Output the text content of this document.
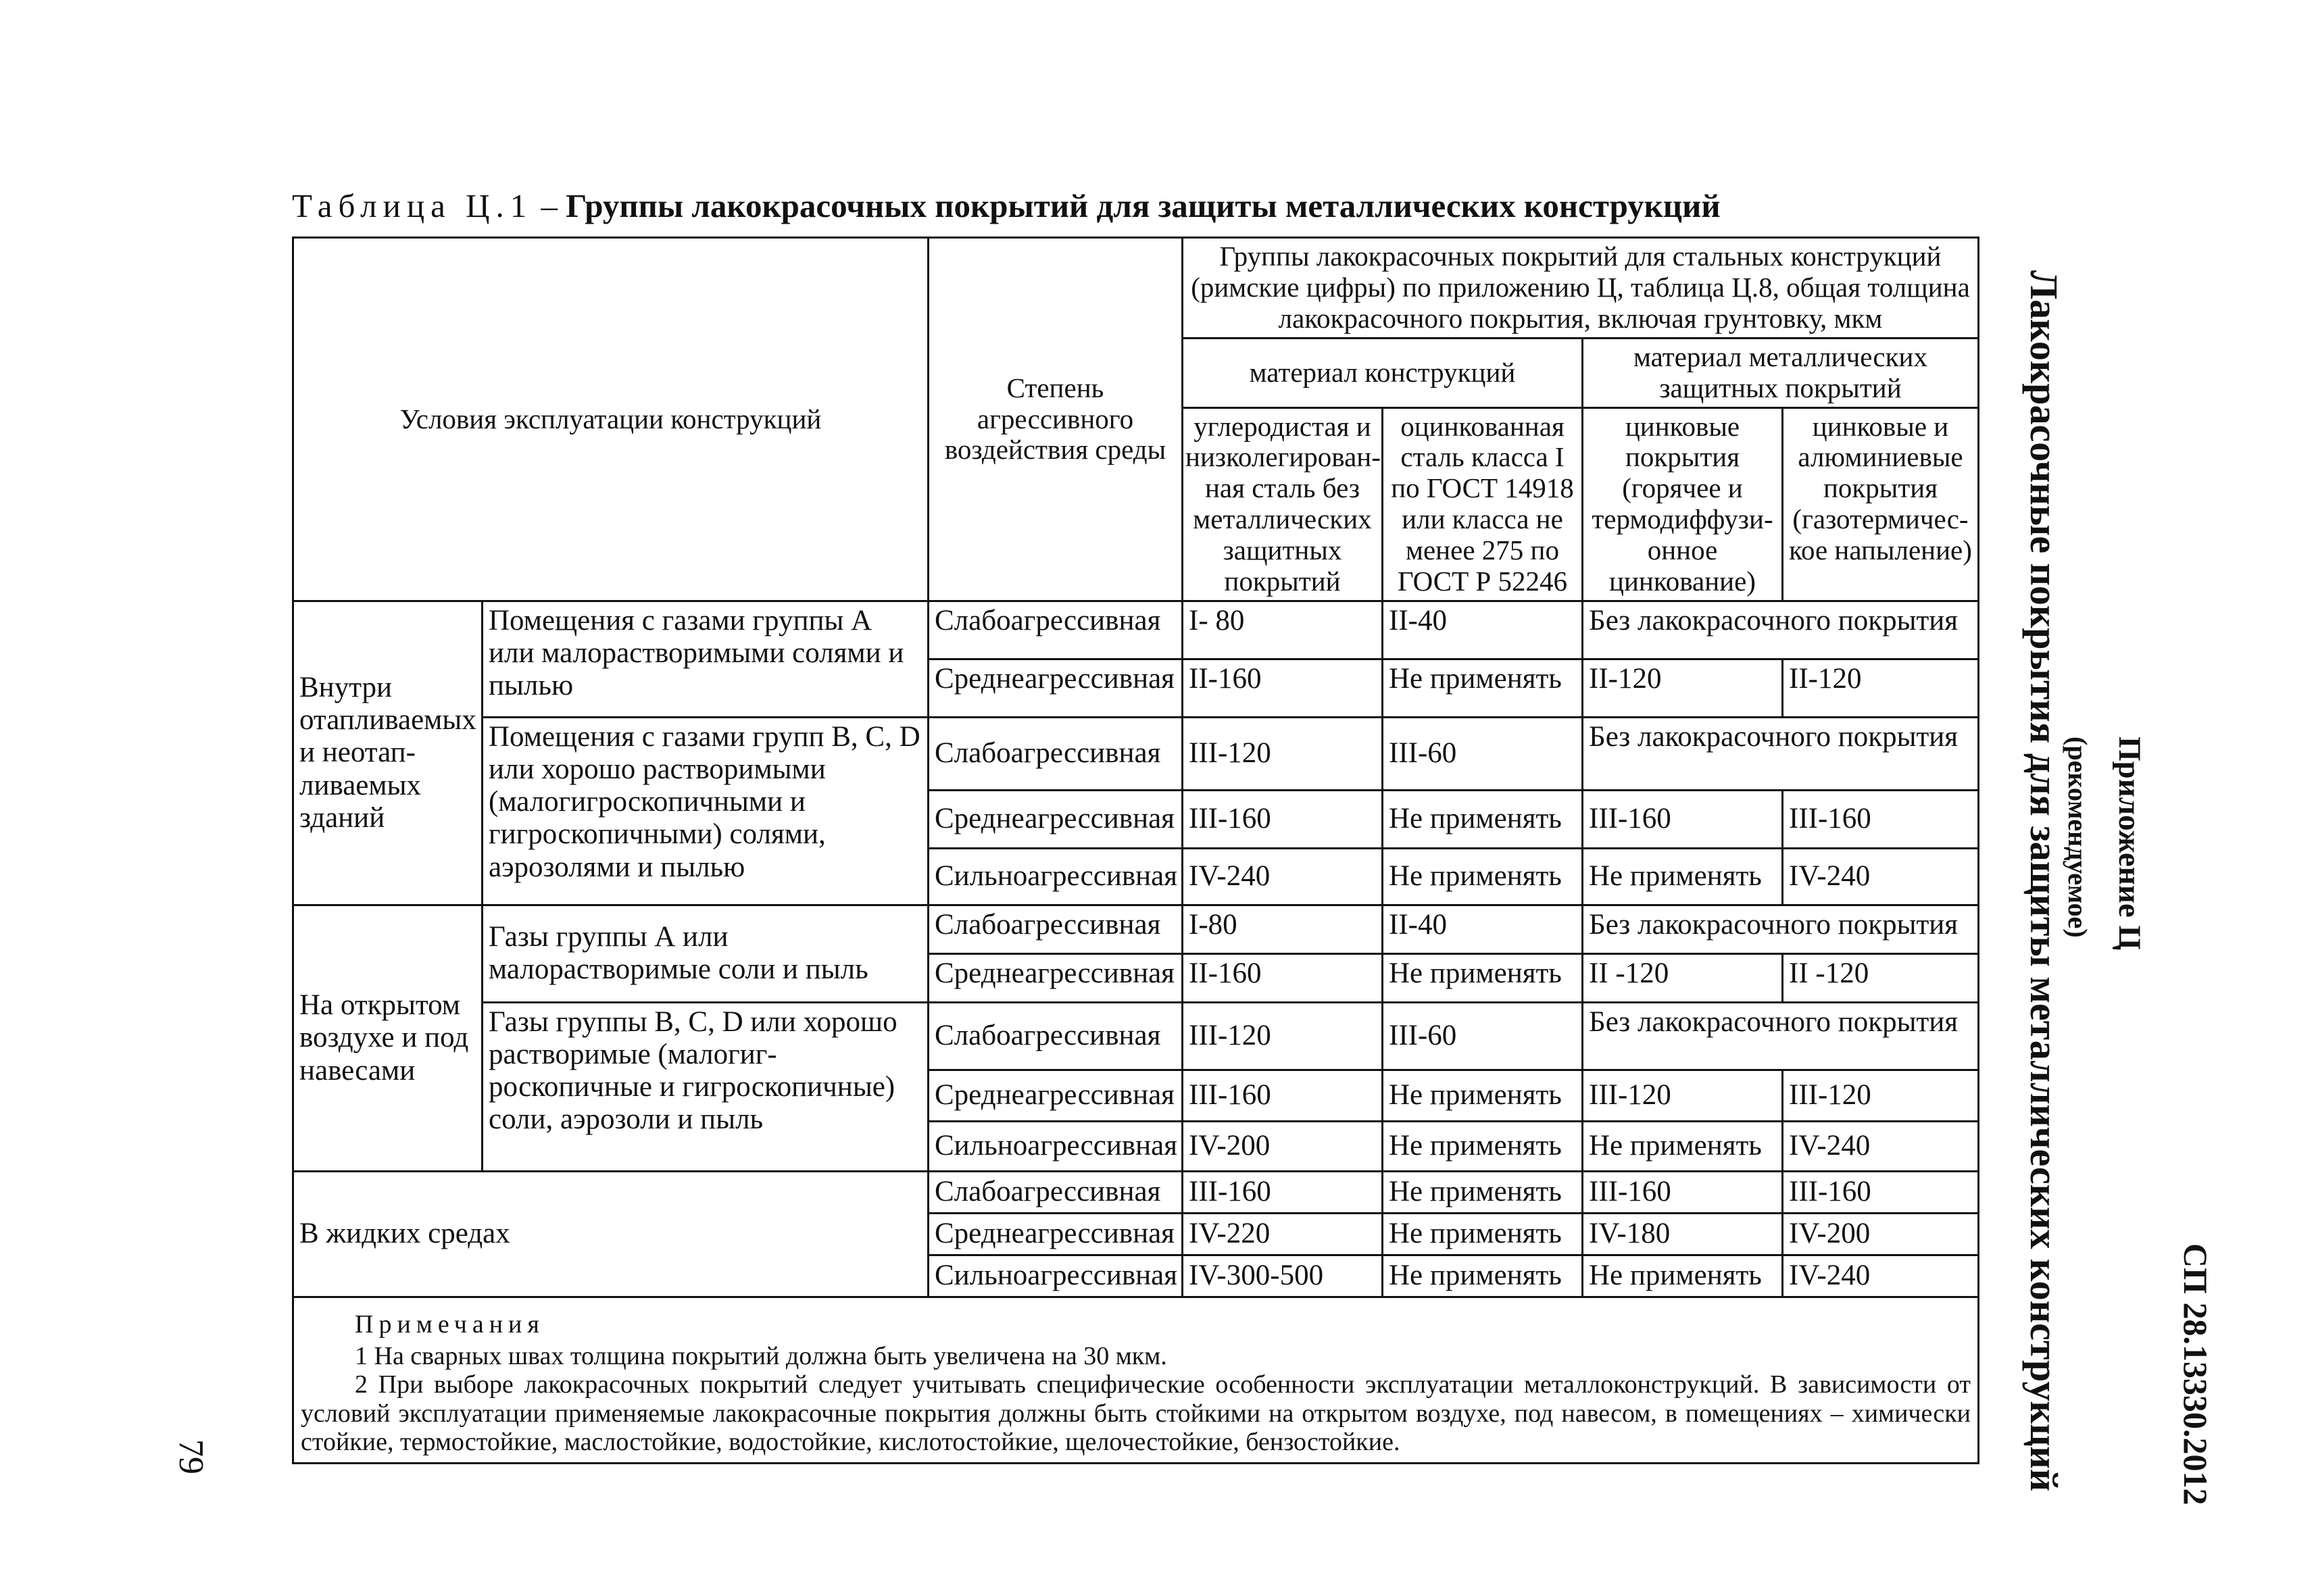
Таблица Ц.1 – Группы лакокрасочных покрытий для защиты металлических конструкций
Условия эксплуатации конструкций		Степень агрессивного воздействия среды	Группы лакокрасочных покрытий для стальных конструкций (римские цифры) по приложению Ц, таблица Ц.8, общая толщина лакокрасочного покрытия, включая грунтовку, мкм			
			материал конструкций		материал металлических защитных покрытий	
			углеродистая и низколегирован-ная сталь без металлических защитных покрытий	оцинкованная сталь класса I по ГОСТ 14918 или класса не менее 275 по ГОСТ Р 52246	цинковые покрытия (горячее и термодиффузи-онное цинкование)	цинковые и алюминиевые покрытия (газотермичес-кое напыление)
Внутри отапливаемых и неотап-ливаемых зданий	Помещения с газами группы А или малорастворимыми солями и пылью	Слабоагрессивная	I- 80	II-40	Без лакокрасочного покрытия	
		Среднеагрессивная	II-160	Не применять	II-120	II-120
	Помещения с газами групп В, С, D или хорошо растворимыми (малогигроскопичными и гигроскопичными) солями, аэрозолями и пылью	Слабоагрессивная	III-120	III-60	Без лакокрасочного покрытия	
		Среднеагрессивная	III-160	Не применять	III-160	III-160
		Сильноагрессивная	IV-240	Не применять	Не применять	IV-240
На открытом воздухе и под навесами	Газы группы А или малорастворимые соли и пыль	Слабоагрессивная	I-80	II-40	Без лакокрасочного покрытия	
		Среднеагрессивная	II-160	Не применять	II -120	II -120
	Газы группы В, С, D или хорошо растворимые (малогиг-роскопичные и гигроскопичные) соли, аэрозоли и пыль	Слабоагрессивная	III-120	III-60	Без лакокрасочного покрытия	
		Среднеагрессивная	III-160	Не применять	III-120	III-120
		Сильноагрессивная	IV-200	Не применять	Не применять	IV-240
В жидких средах		Слабоагрессивная	III-160	Не применять	III-160	III-160
		Среднеагрессивная	IV-220	Не применять	IV-180	IV-200
		Сильноагрессивная	IV-300-500	Не применять	Не применять	IV-240

Примечания

1 На сварных швах толщина покрытий должна быть увеличена на 30 мкм.

2 При выборе лакокрасочных покрытий следует учитывать специфические особенности эксплуатации металлоконструкций. В зависимости от условий эксплуатации применяемые лакокрасочные покрытия должны быть стойкими на открытом воздухе, под навесом, в помещениях – химически стойкие, термостойкие, маслостойкие, водостойкие, кислотостойкие, щелочестойкие, бензостойкие.							Лакокрасочные покрытия для защиты металлических конструкций Приложение Ц
(рекомендуемое)
СП 28.13330.2012
79
